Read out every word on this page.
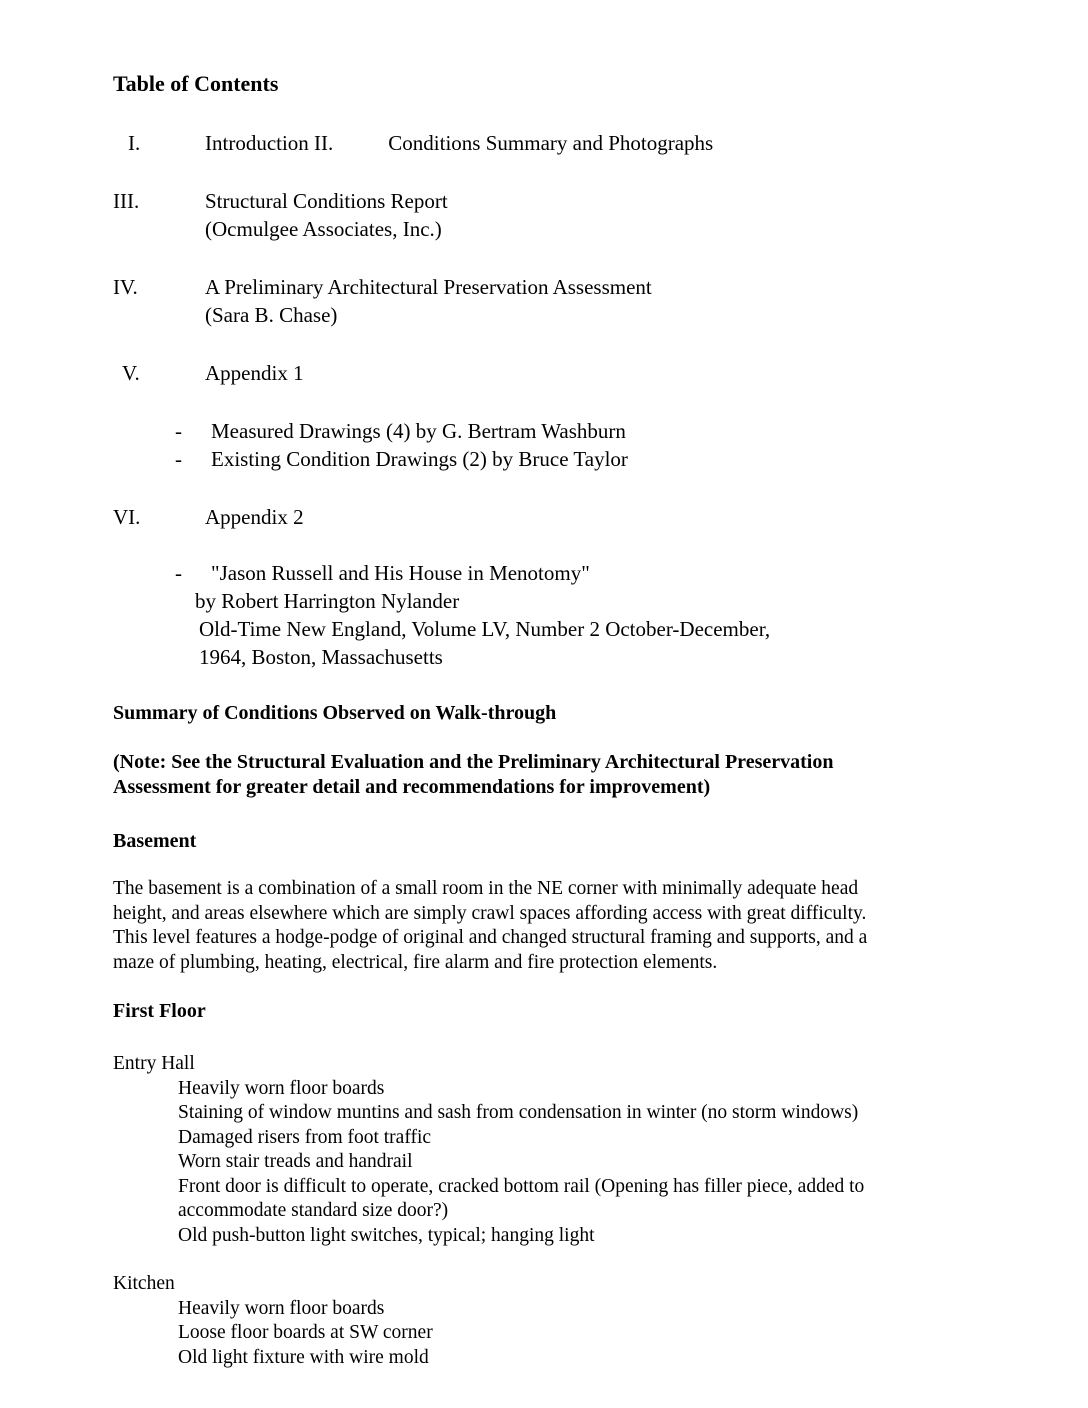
Table of Contents
I.	Introduction II.	Conditions Summary and Photographs
III.	Structural Conditions Report
(Ocmulgee Associates, Inc.)
IV.	A Preliminary Architectural Preservation Assessment
(Sara B. Chase)
V.	Appendix 1
-	Measured Drawings (4) by G. Bertram Washburn
-	Existing Condition Drawings (2) by Bruce Taylor
VI.	Appendix 2
-	"Jason Russell and His House in Menotomy"
by Robert Harrington Nylander
Old-Time New England, Volume LV, Number 2 October-December,
1964, Boston, Massachusetts
Summary of Conditions Observed on Walk-through
(Note: See the Structural Evaluation and the Preliminary Architectural Preservation
Assessment for greater detail and recommendations for improvement)
Basement
The basement is a combination of a small room in the NE corner with minimally adequate head
height, and areas elsewhere which are simply crawl spaces affording access with great difficulty.
This level features a hodge-podge of original and changed structural framing and supports, and a
maze of plumbing, heating, electrical, fire alarm and fire protection elements.
First Floor
Entry Hall
Heavily worn floor boards
Staining of window muntins and sash from condensation in winter (no storm windows)
Damaged risers from foot traffic
Worn stair treads and handrail
Front door is difficult to operate, cracked bottom rail (Opening has filler piece, added to
accommodate standard size door?)
Old push-button light switches, typical; hanging light
Kitchen
Heavily worn floor boards
Loose floor boards at SW corner
Old light fixture with wire mold
